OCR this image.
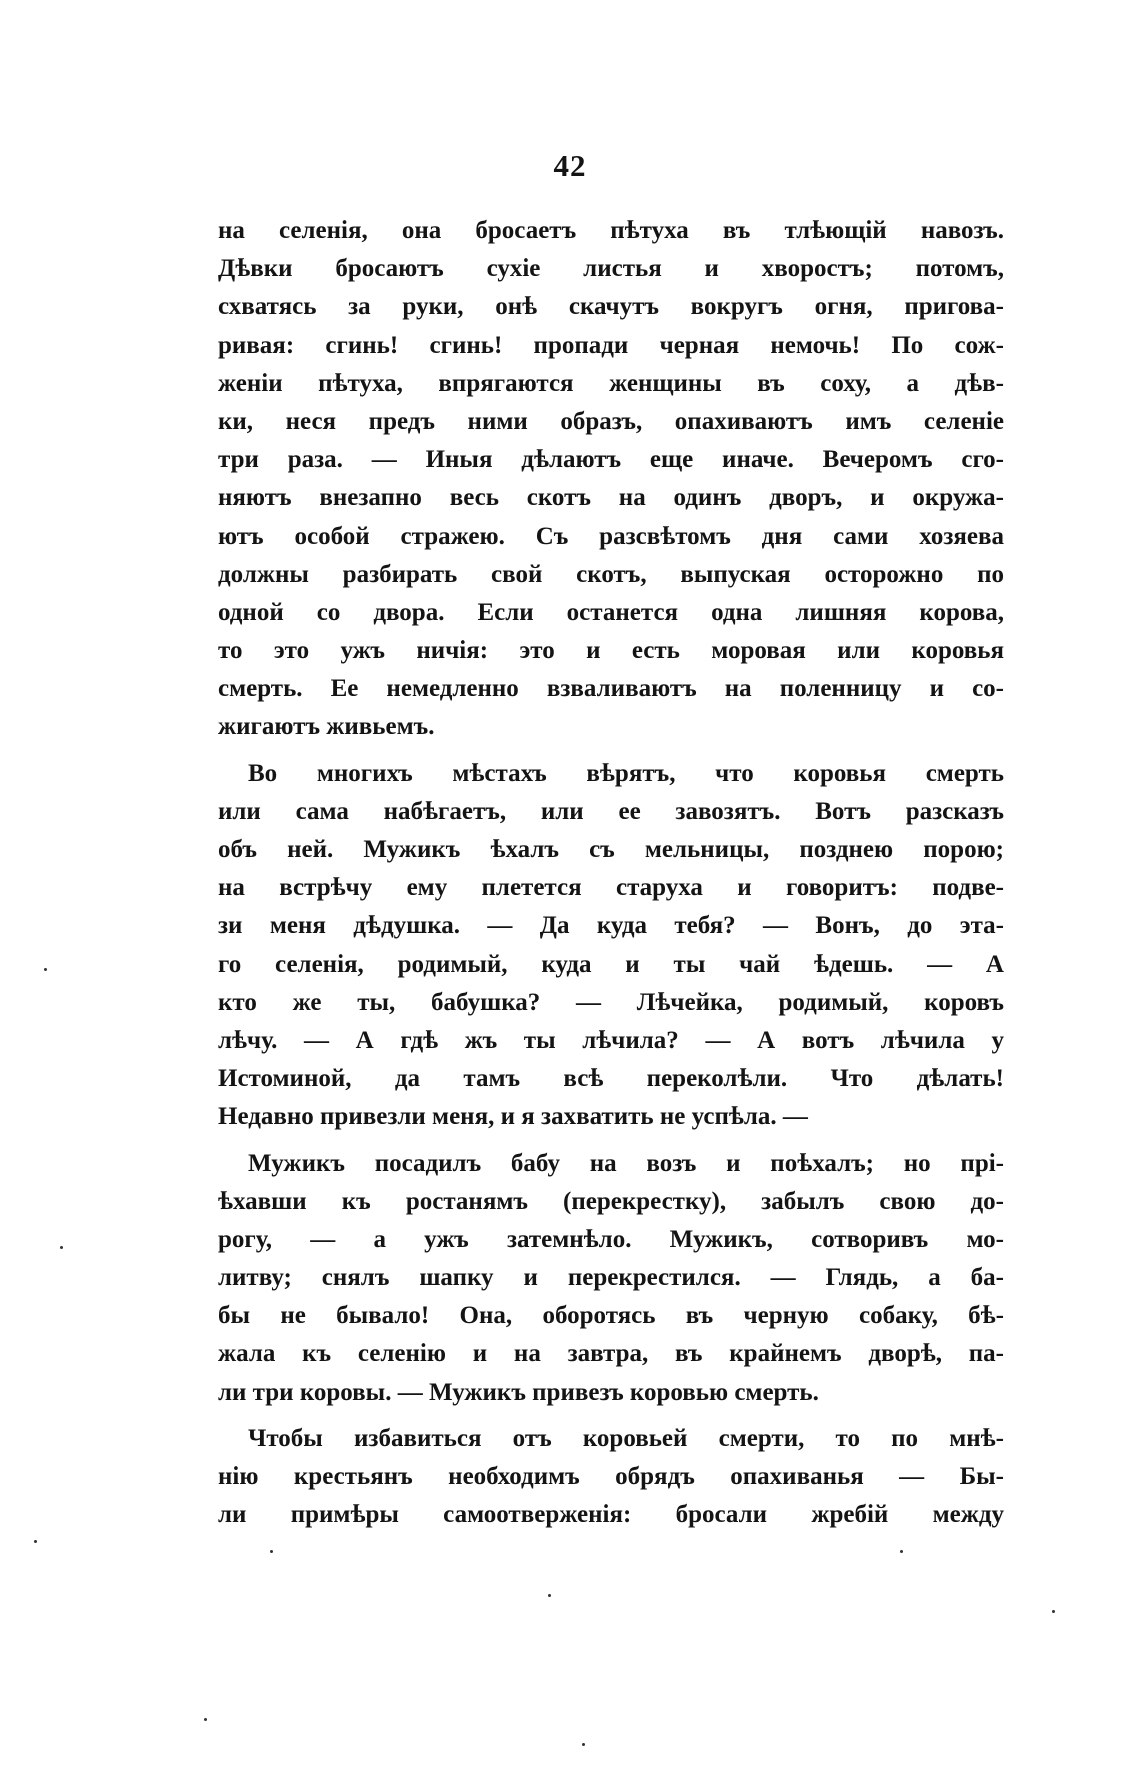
42
на селенія, она бросаетъ пѣтуха въ тлѣющій навозъ.
Дѣвки бросаютъ сухіе листья и хворостъ; потомъ,
схватясь за руки, онѣ скачутъ вокругъ огня, пригова-
ривая: сгинь! сгинь! пропади черная немочь! По сож-
женіи пѣтуха, впрягаются женщины въ соху, а дѣв-
ки, неся предъ ними образъ, опахиваютъ имъ селеніе
три раза. — Иныя дѣлаютъ еще иначе. Вечеромъ сго-
няютъ внезапно весь скотъ на одинъ дворъ, и окружа-
ютъ особой стражею. Съ разсвѣтомъ дня сами хозяева
должны разбирать свой скотъ, выпуская осторожно по
одной со двора. Если останется одна лишняя корова,
то это ужъ ничія: это и есть моровая или коровья
смерть. Ее немедленно взваливаютъ на поленницу и со-
жигаютъ живьемъ.
Во многихъ мѣстахъ вѣрятъ, что коровья смерть
или сама набѣгаетъ, или ее завозятъ. Вотъ разсказъ
объ ней. Мужикъ ѣхалъ съ мельницы, позднею порою;
на встрѣчу ему плетется старуха и говоритъ: подве-
зи меня дѣдушка. — Да куда тебя? — Вонъ, до эта-
го селенія, родимый, куда и ты чай ѣдешь. — А
кто же ты, бабушка? — Лѣчейка, родимый, коровъ
лѣчу. — А гдѣ жъ ты лѣчила? — А вотъ лѣчила у
Истоминой, да тамъ всѣ переколѣли. Что дѣлать!
Недавно привезли меня, и я захватить не успѣла. —
Мужикъ посадилъ бабу на возъ и поѣхалъ; но прі-
ѣхавши къ ростанямъ (перекрестку), забылъ свою до-
рогу, — а ужъ затемнѣло. Мужикъ, сотворивъ мо-
литву; снялъ шапку и перекрестился. — Глядь, а ба-
бы не бывало! Она, оборотясь въ черную собаку, бѣ-
жала къ селенію и на завтра, въ крайнемъ дворѣ, па-
ли три коровы. — Мужикъ привезъ коровью смерть.
Чтобы избавиться отъ коровьей смерти, то по мнѣ-
нію крестьянъ необходимъ обрядъ опахиванья — Бы-
ли примѣры самоотверженія: бросали жребій между
